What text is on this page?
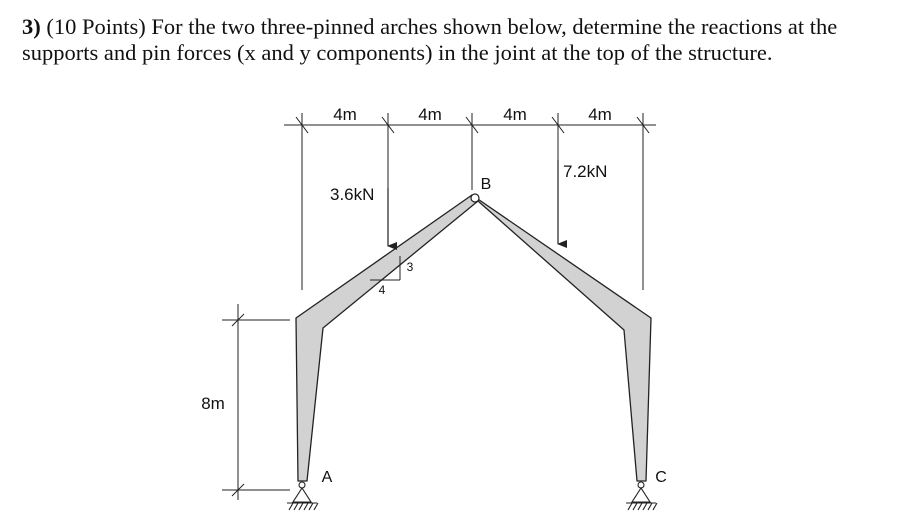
3) (10 Points) For the two three-pinned arches shown below, determine the reactions at the supports and pin forces (x and y components) in the joint at the top of the structure.
4m	4m	4m	4m
8m
B
3
4
3.6kN
7.2kN
A	C
